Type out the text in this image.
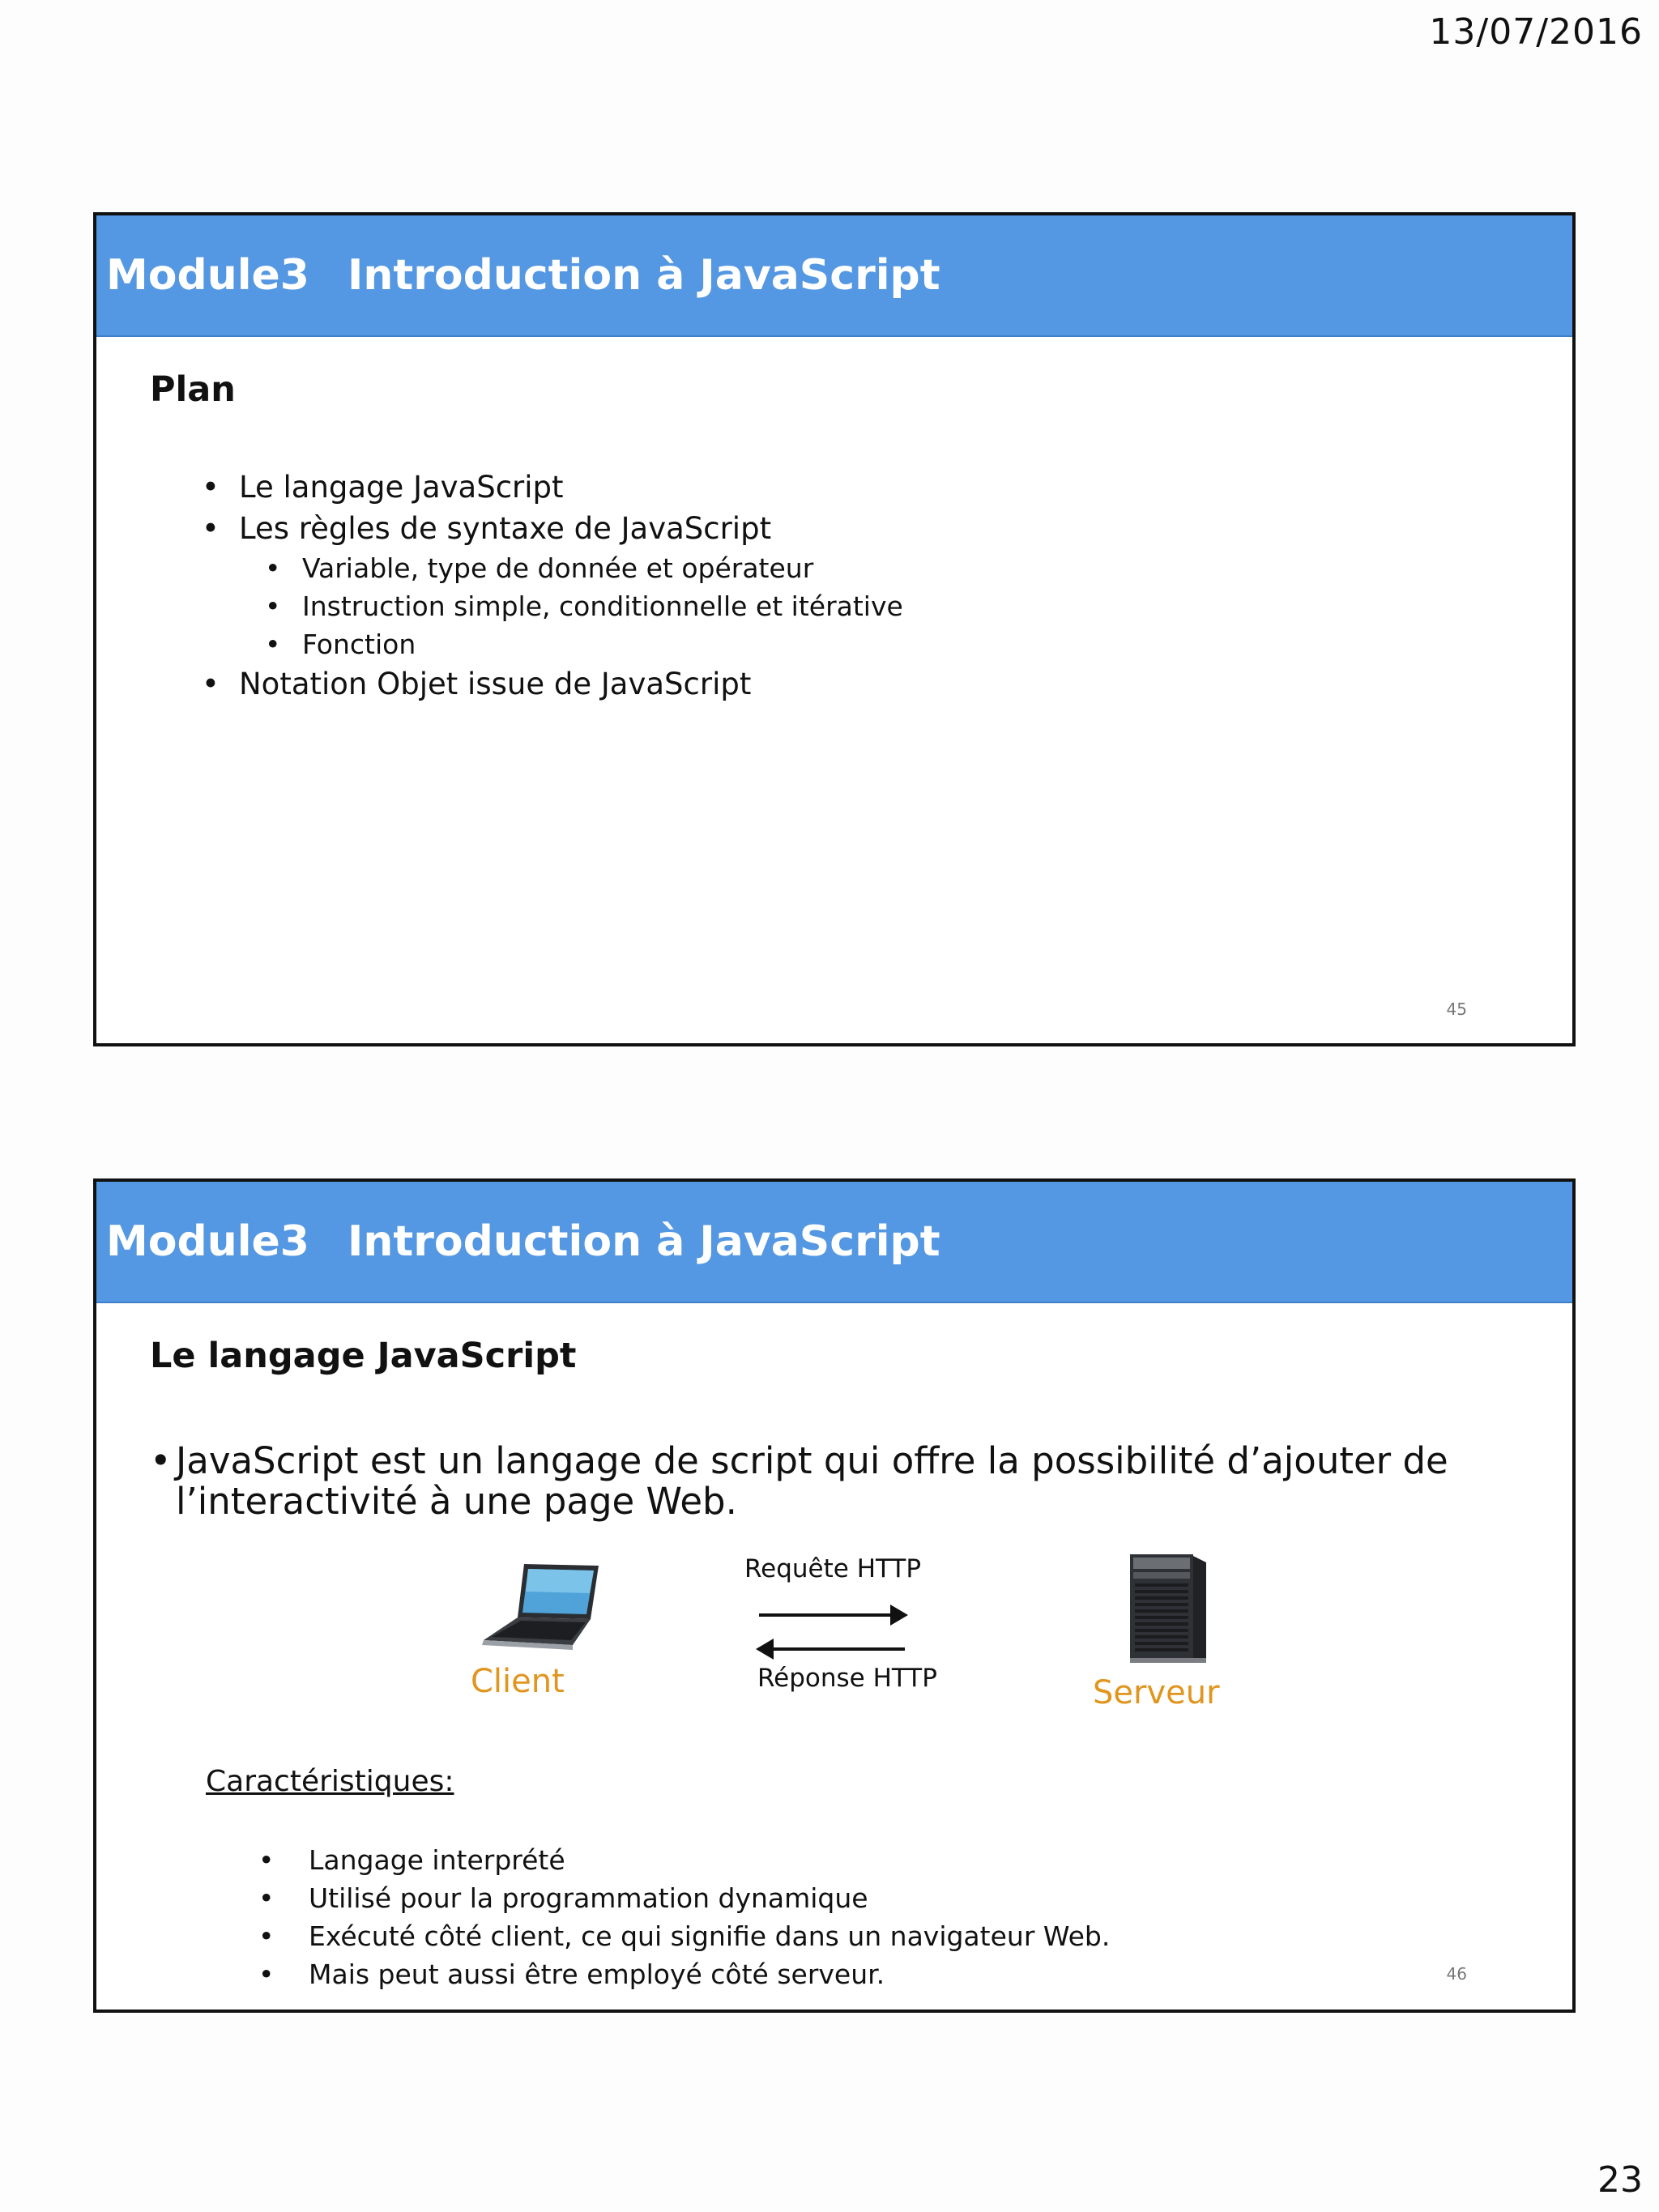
13/07/2016
Module3 Introduction à JavaScript
Plan
• Le langage JavaScript
• Les règles de syntaxe de JavaScript
• Variable, type de donnée et opérateur
• Instruction simple, conditionnelle et itérative
• Fonction
• Notation Objet issue de JavaScript
45
Module3 Introduction à JavaScript
Le langage JavaScript
• JavaScript est un langage de script qui offre la possibilité d’ajouter de l’interactivité à une page Web.
Requête HTTP
Réponse HTTP
Client	Serveur
Caractéristiques:
• Langage interprété
• Utilisé pour la programmation dynamique
• Exécuté côté client, ce qui signifie dans un navigateur Web.
• Mais peut aussi être employé côté serveur.	46
23
